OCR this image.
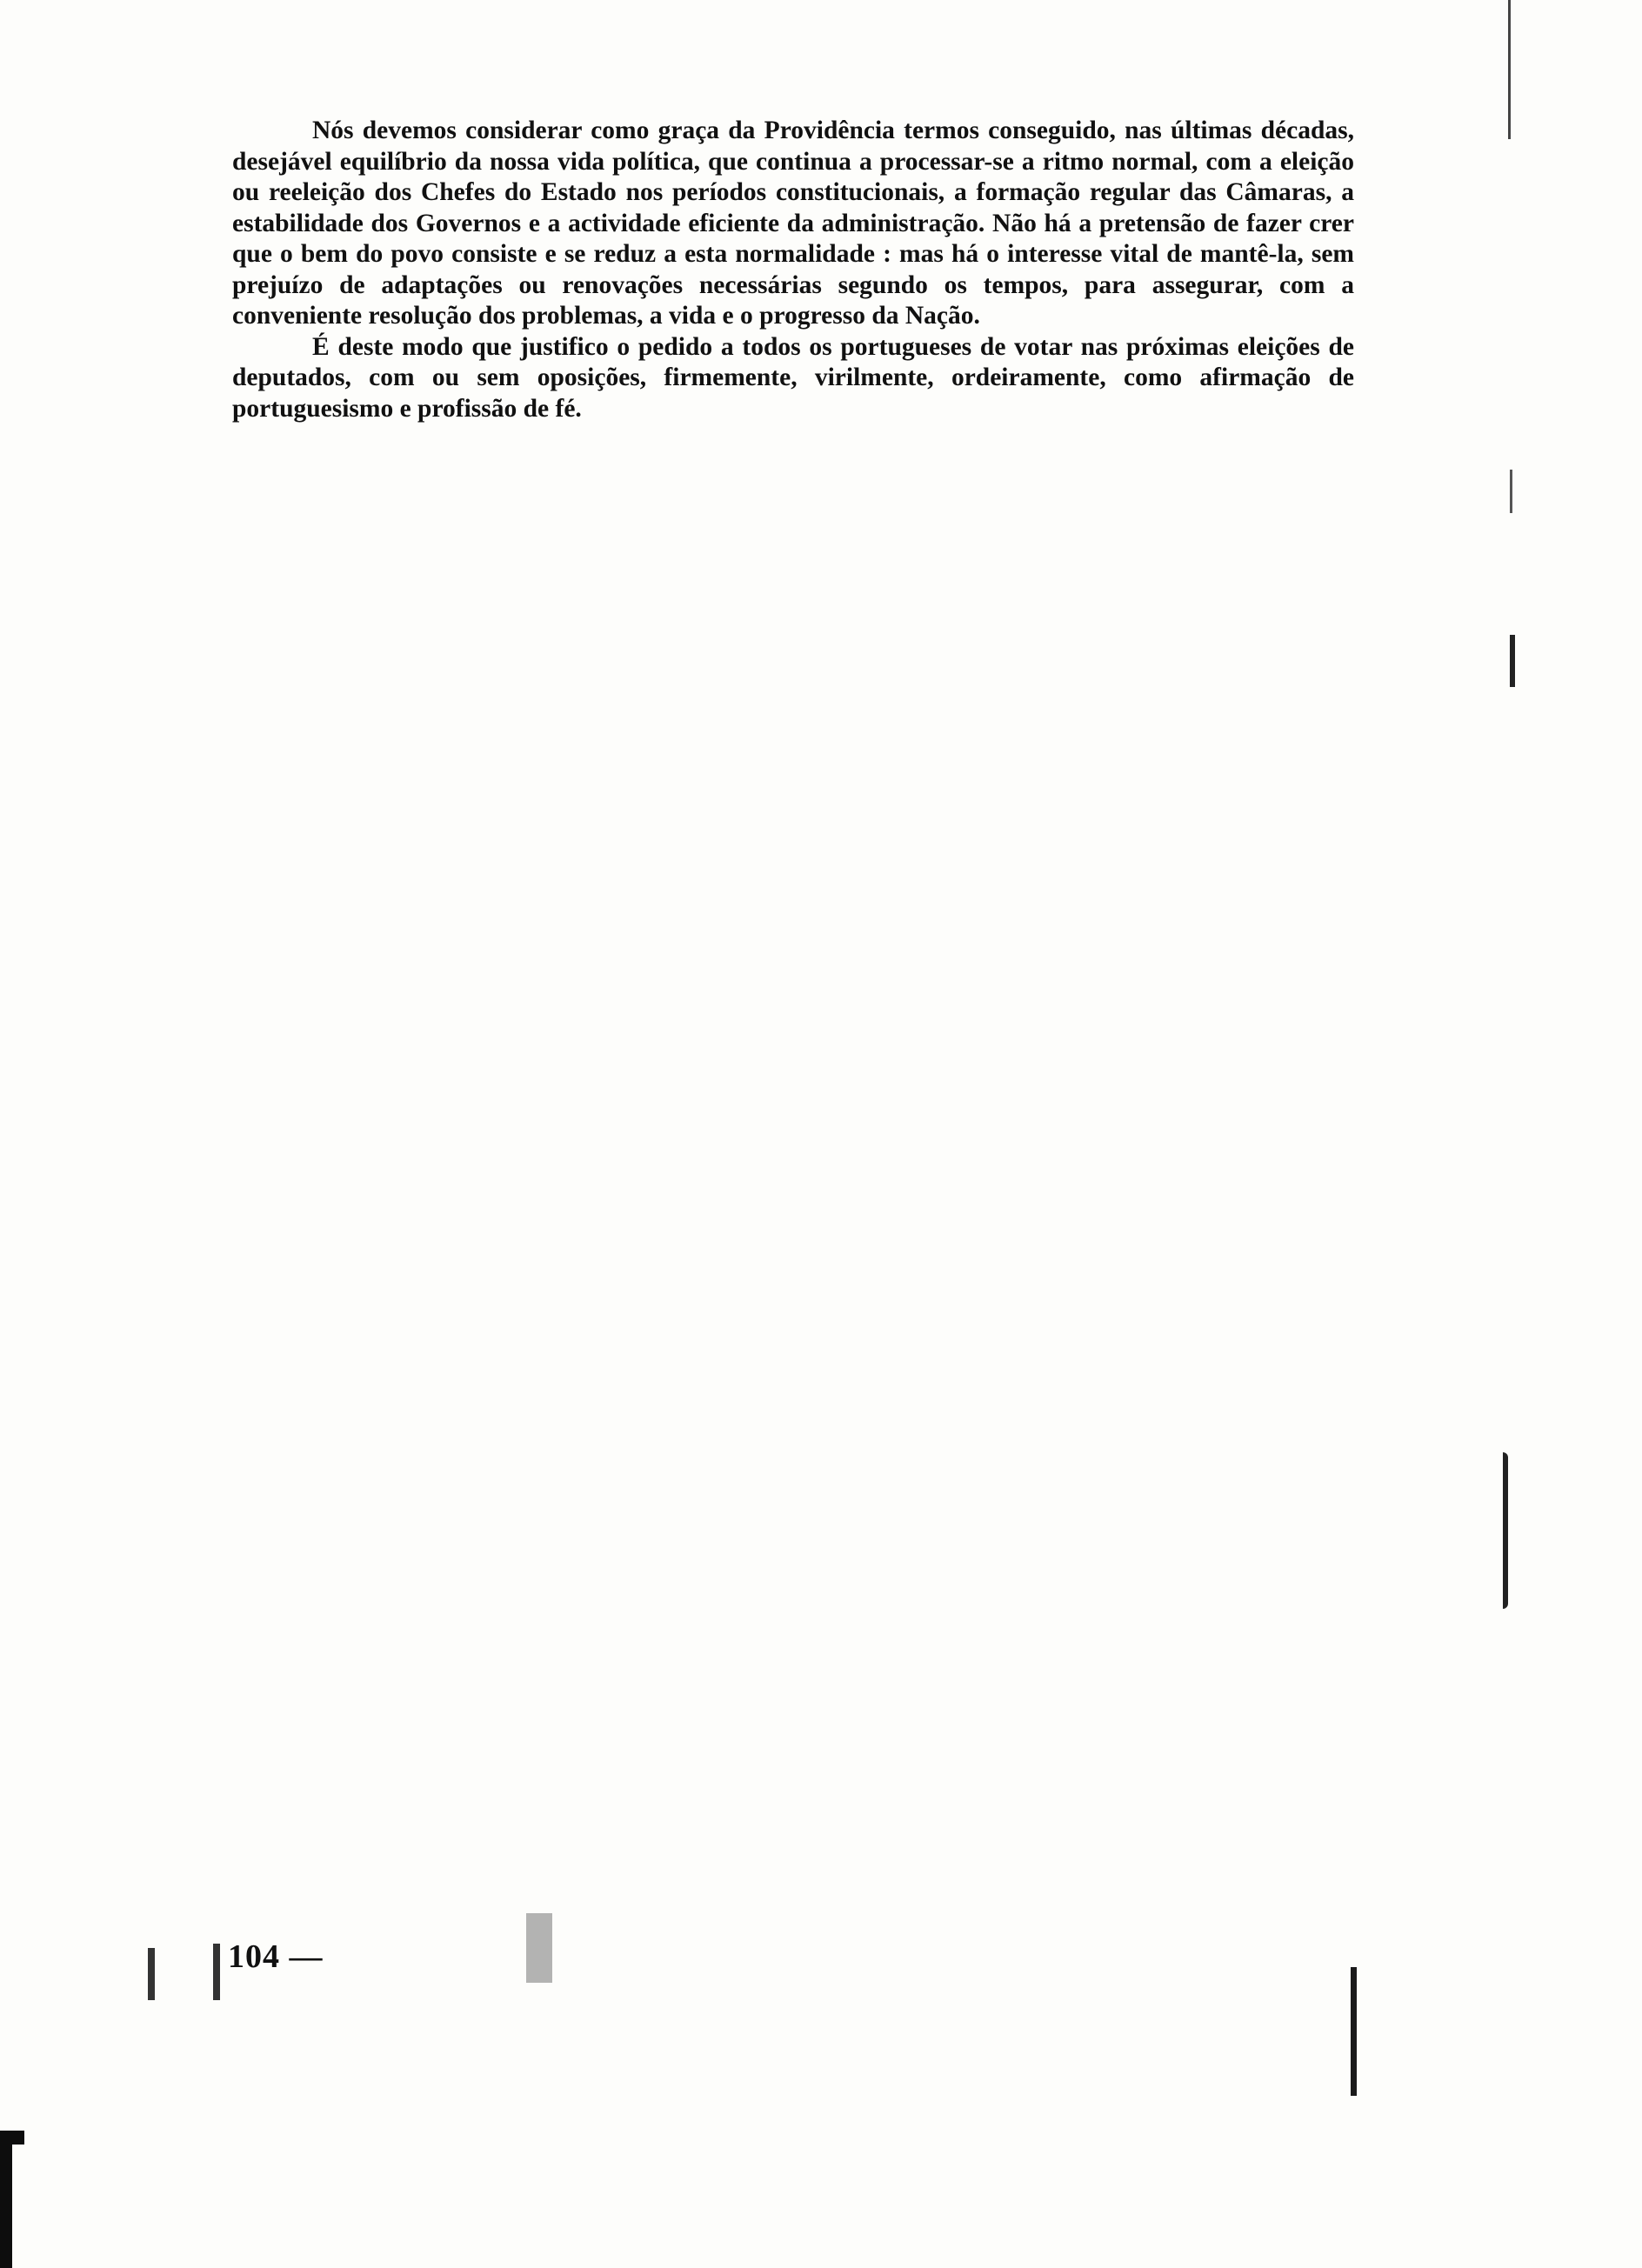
Nós devemos considerar como graça da Providência termos conseguido, nas últimas décadas, desejável equilíbrio da nossa vida política, que continua a processar-se a ritmo normal, com a eleição ou reeleição dos Chefes do Estado nos períodos constitucionais, a formação regular das Câmaras, a estabilidade dos Governos e a actividade eficiente da administração. Não há a pretensão de fazer crer que o bem do povo consiste e se reduz a esta normalidade : mas há o interesse vital de mantê-la, sem prejuízo de adaptações ou renovações necessárias segundo os tempos, para assegurar, com a conveniente resolução dos problemas, a vida e o progresso da Nação.

É deste modo que justifico o pedido a todos os portugueses de votar nas próximas eleições de deputados, com ou sem oposições, firmemente, virilmente, ordeiramente, como afirmação de portuguesismo e profissão de fé.

104 —
